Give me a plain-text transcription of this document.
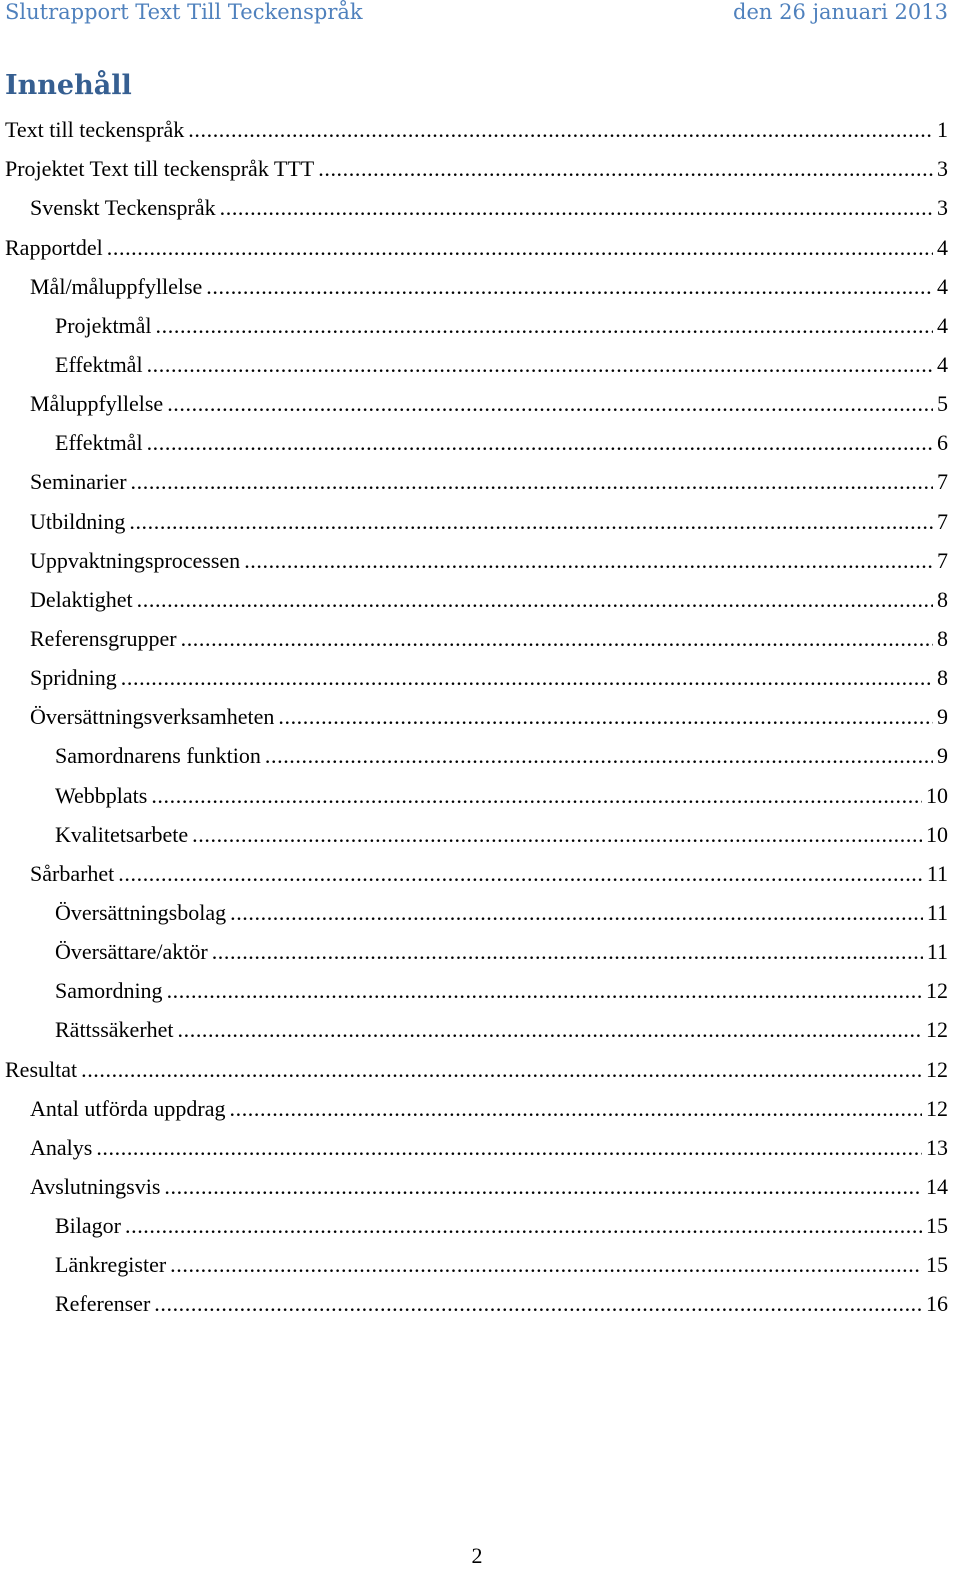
Slutrapport Text Till Teckenspråk	den 26 januari 2013
Innehåll
Text till teckenspråk .....	1
Projektet Text till teckenspråk TTT .....	3
Svenskt Teckenspråk .....	3
Rapportdel .....	4
Mål/måluppfyllelse .....	4
Projektmål .....	4
Effektmål .....	4
Måluppfyllelse .....	5
Effektmål .....	6
Seminarier .....	7
Utbildning .....	7
Uppvaktningsprocessen .....	7
Delaktighet .....	8
Referensgrupper .....	8
Spridning .....	8
Översättningsverksamheten .....	9
Samordnarens funktion .....	9
Webbplats .....	10
Kvalitetsarbete .....	10
Sårbarhet .....	11
Översättningsbolag .....	11
Översättare/aktör .....	11
Samordning .....	12
Rättssäkerhet .....	12
Resultat .....	12
Antal utförda uppdrag .....	12
Analys .....	13
Avslutningsvis .....	14
Bilagor .....	15
Länkregister .....	15
Referenser .....	16
2
